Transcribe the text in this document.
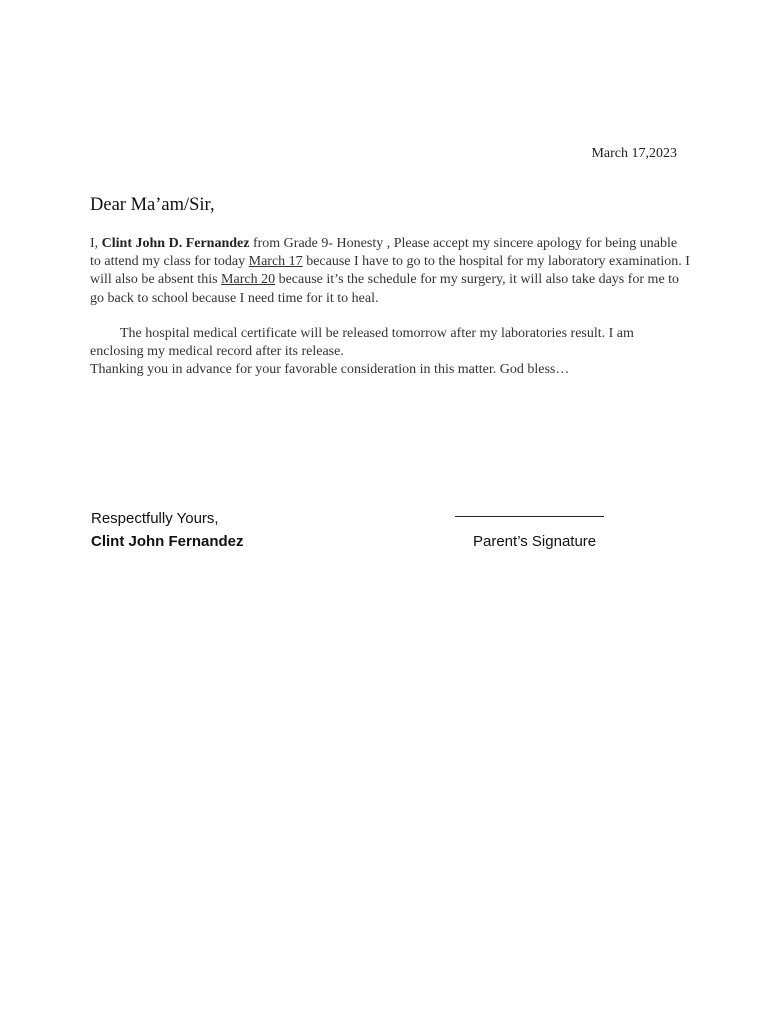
March 17,2023
Dear Ma’am/Sir,

I, Clint John D. Fernandez from Grade 9- Honesty , Please accept my sincere apology for being unable to attend my class for today March 17 because I have to go to the hospital for my laboratory examination. I will also be absent this March 20 because it’s the schedule for my surgery, it will also take days for me to go back to school because I need time for it to heal.

The hospital medical certificate will be released tomorrow after my laboratories result. I am enclosing my medical record after its release.

Thanking you in advance for your favorable consideration in this matter. God bless…

Respectfully Yours,
Clint John Fernandez	Parent’s Signature
